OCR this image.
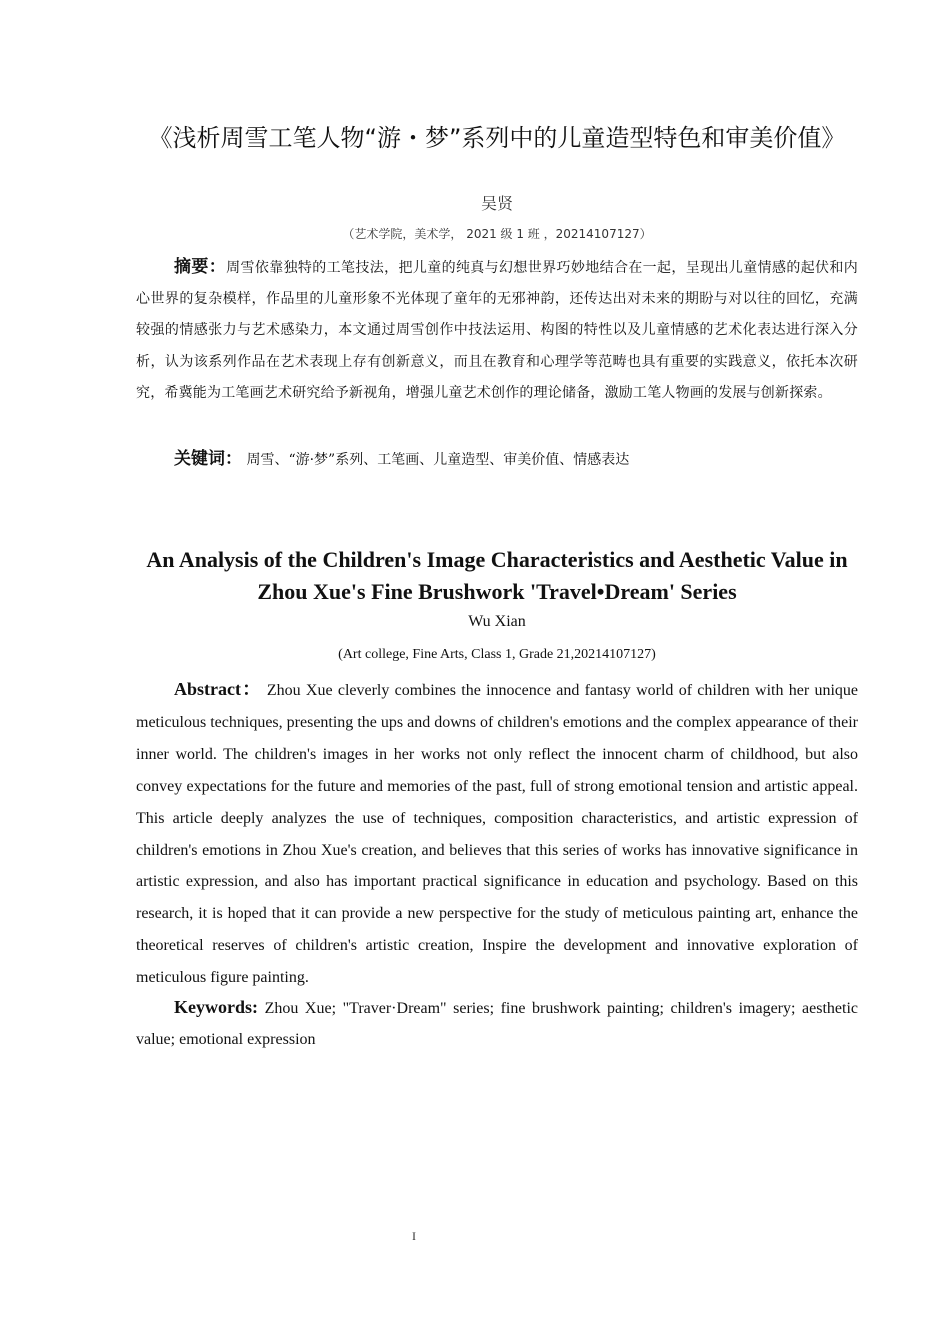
《浅析周雪工笔人物“游・梦”系列中的儿童造型特色和审美价值》
吴贤
（艺术学院，美术学， 2021 级 1 班 ，20214107127）

摘要：周雪依靠独特的工笔技法，把儿童的纯真与幻想世界巧妙地结合在一起，呈现出儿童情感的起伏和内心世界的复杂模样，作品里的儿童形象不光体现了童年的无邪神韵，还传达出对未来的期盼与对以往的回忆，充满较强的情感张力与艺术感染力，本文通过周雪创作中技法运用、构图的特性以及儿童情感的艺术化表达进行深入分析，认为该系列作品在艺术表现上存有创新意义，而且在教育和心理学等范畴也具有重要的实践意义，依托本次研究，希冀能为工笔画艺术研究给予新视角，增强儿童艺术创作的理论储备，激励工笔人物画的发展与创新探索。

关键词： 周雪、“游·梦”系列、工笔画、儿童造型、审美价值、情感表达

An Analysis of the Children's Image Characteristics and Aesthetic Value in Zhou Xue's Fine Brushwork 'Travel•Dream' Series
Wu Xian
(Art college, Fine Arts, Class 1, Grade 21,20214107127)

Abstract： Zhou Xue cleverly combines the innocence and fantasy world of children with her unique meticulous techniques, presenting the ups and downs of children's emotions and the complex appearance of their inner world. The children's images in her works not only reflect the innocent charm of childhood, but also convey expectations for the future and memories of the past, full of strong emotional tension and artistic appeal. This article deeply analyzes the use of techniques, composition characteristics, and artistic expression of children's emotions in Zhou Xue's creation, and believes that this series of works has innovative significance in artistic expression, and also has important practical significance in education and psychology. Based on this research, it is hoped that it can provide a new perspective for the study of meticulous painting art, enhance the theoretical reserves of children's artistic creation, Inspire the development and innovative exploration of meticulous figure painting.

Keywords: Zhou Xue; "Traver·Dream" series; fine brushwork painting; children's imagery; aesthetic value; emotional expression

I
